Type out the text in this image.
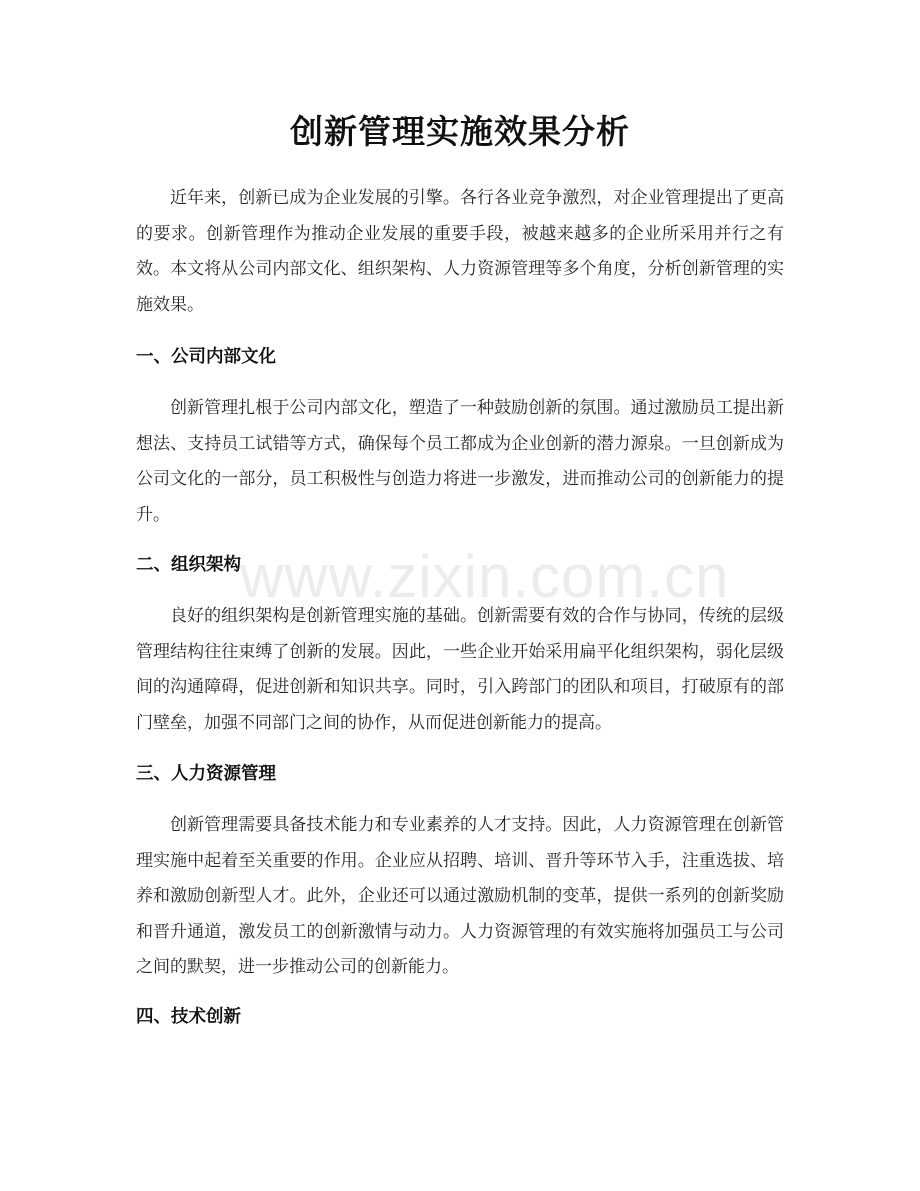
创新管理实施效果分析

近年来，创新已成为企业发展的引擎。各行各业竞争激烈，对企业管理提出了更高的要求。创新管理作为推动企业发展的重要手段，被越来越多的企业所采用并行之有效。本文将从公司内部文化、组织架构、人力资源管理等多个角度，分析创新管理的实施效果。

一、公司内部文化

创新管理扎根于公司内部文化，塑造了一种鼓励创新的氛围。通过激励员工提出新想法、支持员工试错等方式，确保每个员工都成为企业创新的潜力源泉。一旦创新成为公司文化的一部分，员工积极性与创造力将进一步激发，进而推动公司的创新能力的提升。

二、组织架构

良好的组织架构是创新管理实施的基础。创新需要有效的合作与协同，传统的层级管理结构往往束缚了创新的发展。因此，一些企业开始采用扁平化组织架构，弱化层级间的沟通障碍，促进创新和知识共享。同时，引入跨部门的团队和项目，打破原有的部门壁垒，加强不同部门之间的协作，从而促进创新能力的提高。

三、人力资源管理

创新管理需要具备技术能力和专业素养的人才支持。因此，人力资源管理在创新管理实施中起着至关重要的作用。企业应从招聘、培训、晋升等环节入手，注重选拔、培养和激励创新型人才。此外，企业还可以通过激励机制的变革，提供一系列的创新奖励和晋升通道，激发员工的创新激情与动力。人力资源管理的有效实施将加强员工与公司之间的默契，进一步推动公司的创新能力。

四、技术创新
www.zixin.com.cn
